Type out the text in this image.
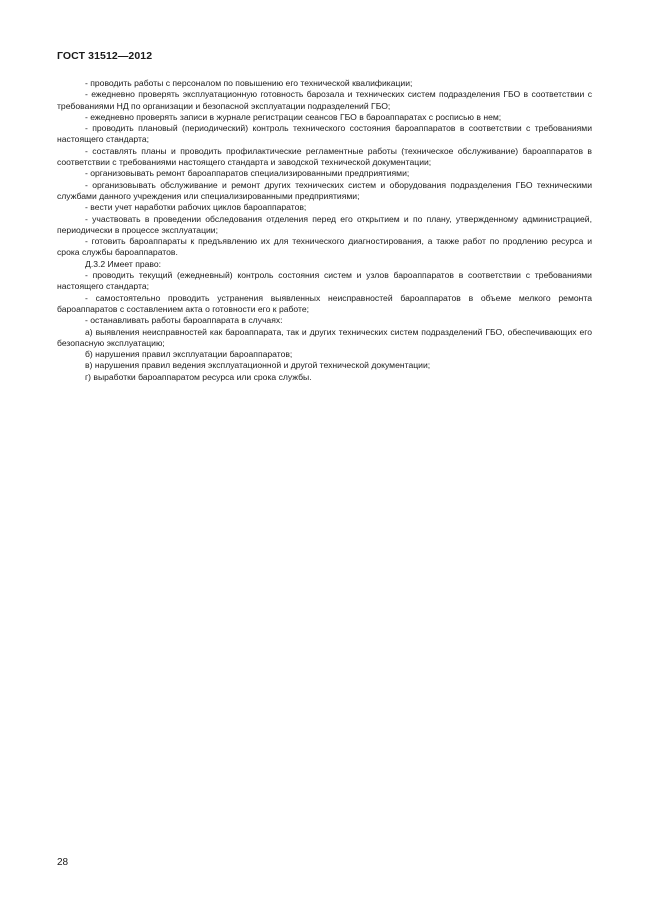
ГОСТ 31512—2012

- проводить работы с персоналом по повышению его технической квалификации;

- ежедневно проверять эксплуатационную готовность барозала и технических систем подразделения ГБО в соответствии с требованиями НД по организации и безопасной эксплуатации подразделений ГБО;

- ежедневно проверять записи в журнале регистрации сеансов ГБО в барoаппаратах с росписью в нем;

- проводить плановый (периодический) контроль технического состояния бароаппаратов в соответствии с требованиями настоящего стандарта;

- составлять планы и проводить профилактические регламентные работы (техническое обслуживание) бароаппаратов в соответствии с требованиями настоящего стандарта и заводской технической документации;

- организовывать ремонт бароаппаратов специализированными предприятиями;

- организовывать обслуживание и ремонт других технических систем и оборудования подразделения ГБО техническими службами данного учреждения или специализированными предприятиями;

- вести учет наработки рабочих циклов бароаппаратов;

- участвовать в проведении обследования отделения перед его открытием и по плану, утвержденному администрацией, периодически в процессе эксплуатации;

- готовить бароаппараты к предъявлению их для технического диагностирования, а также работ по продлению ресурса и срока службы бароаппаратов.

Д.3.2 Имеет право:

- проводить текущий (ежедневный) контроль состояния систем и узлов бароаппаратов в соответствии с требованиями настоящего стандарта;

- самостоятельно проводить устранения выявленных неисправностей бароаппаратов в объеме мелкого ремонта бароаппаратов с составлением акта о готовности его к работе;

- останавливать работы бароаппарата в случаях:

а) выявления неисправностей как бароаппарата, так и других технических систем подразделений ГБО, обеспечивающих его безопасную эксплуатацию;

б) нарушения правил эксплуатации бароаппаратов;

в) нарушения правил ведения эксплуатационной и другой технической документации;

г) выработки бароаппаратом ресурса или срока службы.

28
